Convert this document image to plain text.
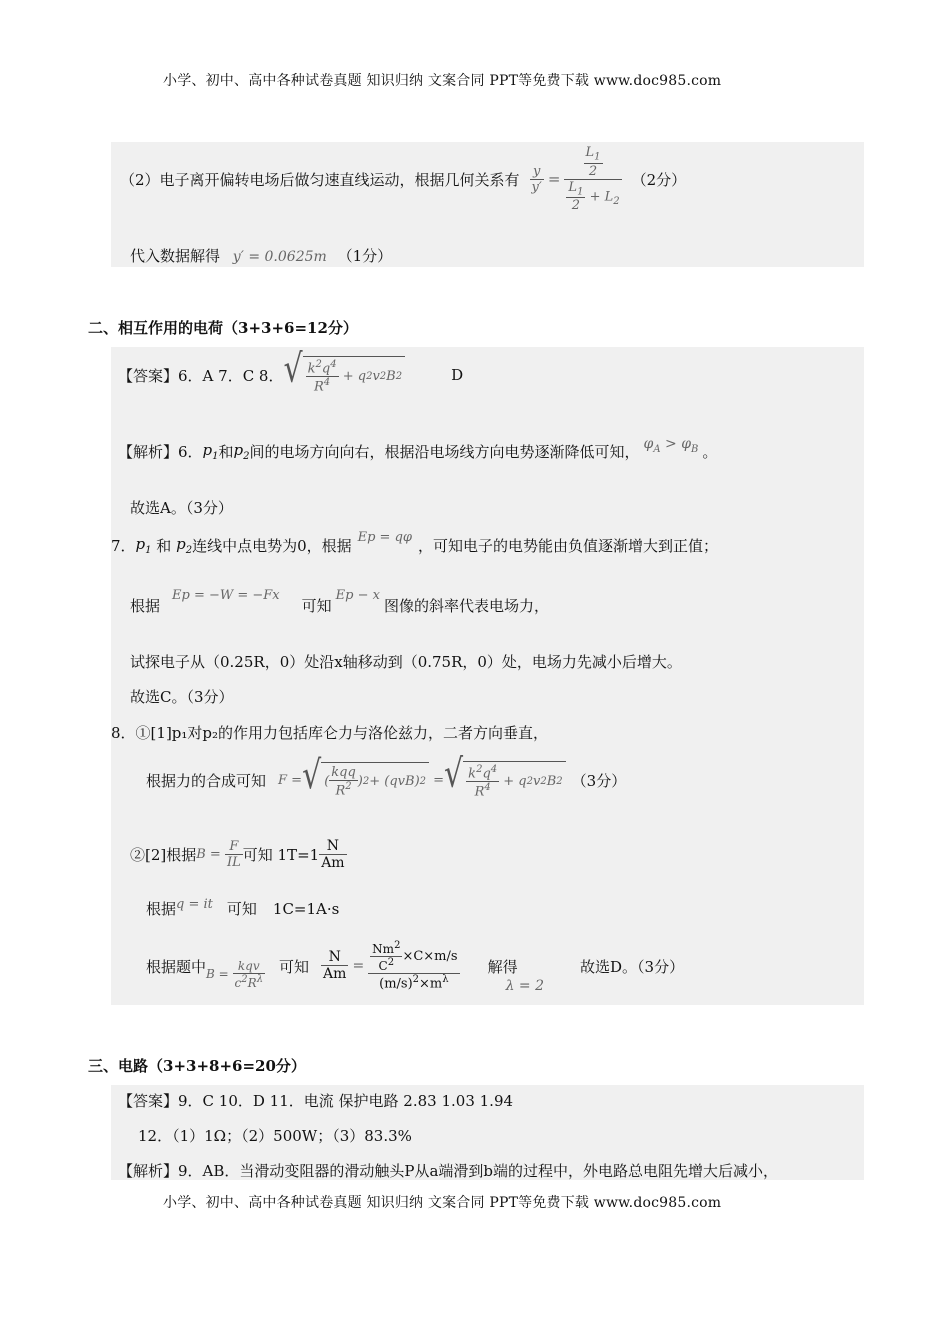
小学、初中、高中各种试卷真题 知识归纳 文案合同 PPT等免费下载 www.doc985.com
（2）电子离开偏转电场后做匀速直线运动，根据几何关系有 $\frac{y}{y'} = \frac{\frac{L_1}{2}}{\frac{L_1}{2} + L_2} (2$分）
代入数据解得 y′ = 0.0625m （1分）
二、相互作用的电荷（3+3+6=12分）
【答案】6．A 7．C 8． √ $\frac{k^2q^4}{R^4} + q$ 2 v 2 B 2	D
【解析】6． $p_1$ 和 $p_2$ 间的电场方向向右，根据沿电场线方向电势逐渐降低可知， $\varphi_A > \varphi_B$ 。
故选A。（3分）
7． $p_1$ 和 $p_2$ 连线中点电势为0，根据 Ep = qφ ，可知电子的电势能由负值逐渐增大到正值；
根据
Ep = −W = −Fx
可知
Ep − x
图像的斜率代表电场力，
试探电子从（0.25R，0）处沿x轴移动到（0.75R，0）处，电场力先减小后增大。
故选C。（3分）
8．①[1]p₁对p₂的作用力包括库仑力与洛伦兹力，二者方向垂直，
根据力的合成可知 F = √ ( $\frac{\text{kqq}}{R^2}$ ) 2 + (qvB) 2 = √ $\frac{k^2q^4}{R^4} + q$ 2 v 2 B 2 （3分）
②[2]根据 $B = \frac{F}{IL}$ 可知 $1T=1 \frac{N}{Am}$
根据 q = it 可知 1C=1A·s
根据题中 $B = \frac{\text{kqv}}{c^2R^\lambda}$ 可知 $\frac{N}{Am} = \frac{\frac{Nm^2}{C^2} \times C\times m/s}{(m/s)^2\times m^\lambda}$ 解得
λ = 2
故选D。（3分）
三、电路（3+3+8+6=20分）
【答案】9．C 10．D 11．电流 保护电路 2.83 1.03 1.94
12．（1）1Ω；（2）500W；（3）83.3%
【解析】9．AB．当滑动变阻器的滑动触头P从a端滑到b端的过程中，外电路总电阻先增大后减小，
小学、初中、高中各种试卷真题 知识归纳 文案合同 PPT等免费下载 www.doc985.com
